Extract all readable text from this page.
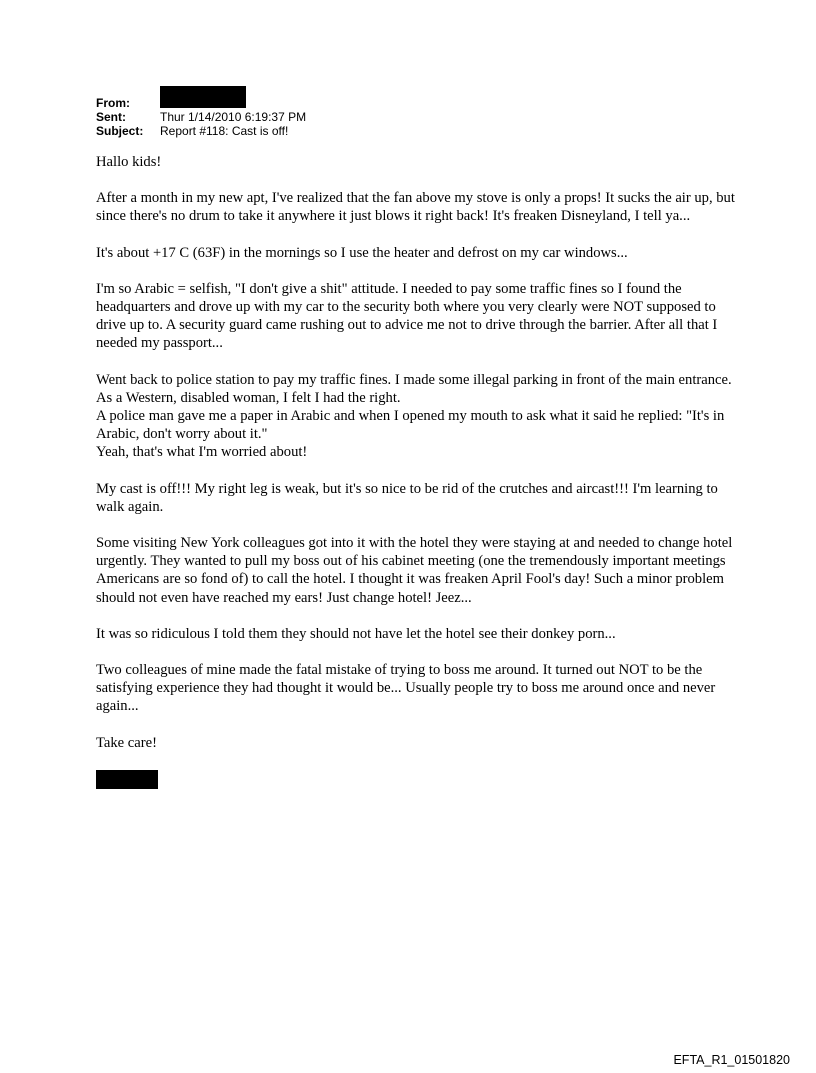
From:
Sent:	Thur 1/14/2010 6:19:37 PM
Subject:	Report #118: Cast is off!

Hallo kids!

After a month in my new apt, I've realized that the fan above my stove is only a props! It sucks the air up, but since there's no drum to take it anywhere it just blows it right back! It's freaken Disneyland, I tell ya...

It's about +17 C (63F) in the mornings so I use the heater and defrost on my car windows...

I'm so Arabic = selfish, "I don't give a shit" attitude. I needed to pay some traffic fines so I found the headquarters and drove up with my car to the security both where you very clearly were NOT supposed to drive up to. A security guard came rushing out to advice me not to drive through the barrier. After all that I needed my passport...

Went back to police station to pay my traffic fines. I made some illegal parking in front of the main entrance. As a Western, disabled woman, I felt I had the right.

A police man gave me a paper in Arabic and when I opened my mouth to ask what it said he replied: "It's in Arabic, don't worry about it."

Yeah, that's what I'm worried about!

My cast is off!!! My right leg is weak, but it's so nice to be rid of the crutches and aircast!!! I'm learning to walk again.

Some visiting New York colleagues got into it with the hotel they were staying at and needed to change hotel urgently. They wanted to pull my boss out of his cabinet meeting (one the tremendously important meetings Americans are so fond of) to call the hotel. I thought it was freaken April Fool's day! Such a minor problem should not even have reached my ears! Just change hotel! Jeez...

It was so ridiculous I told them they should not have let the hotel see their donkey porn...

Two colleagues of mine made the fatal mistake of trying to boss me around. It turned out NOT to be the satisfying experience they had thought it would be... Usually people try to boss me around once and never again...

Take care!

EFTA_R1_01501820
